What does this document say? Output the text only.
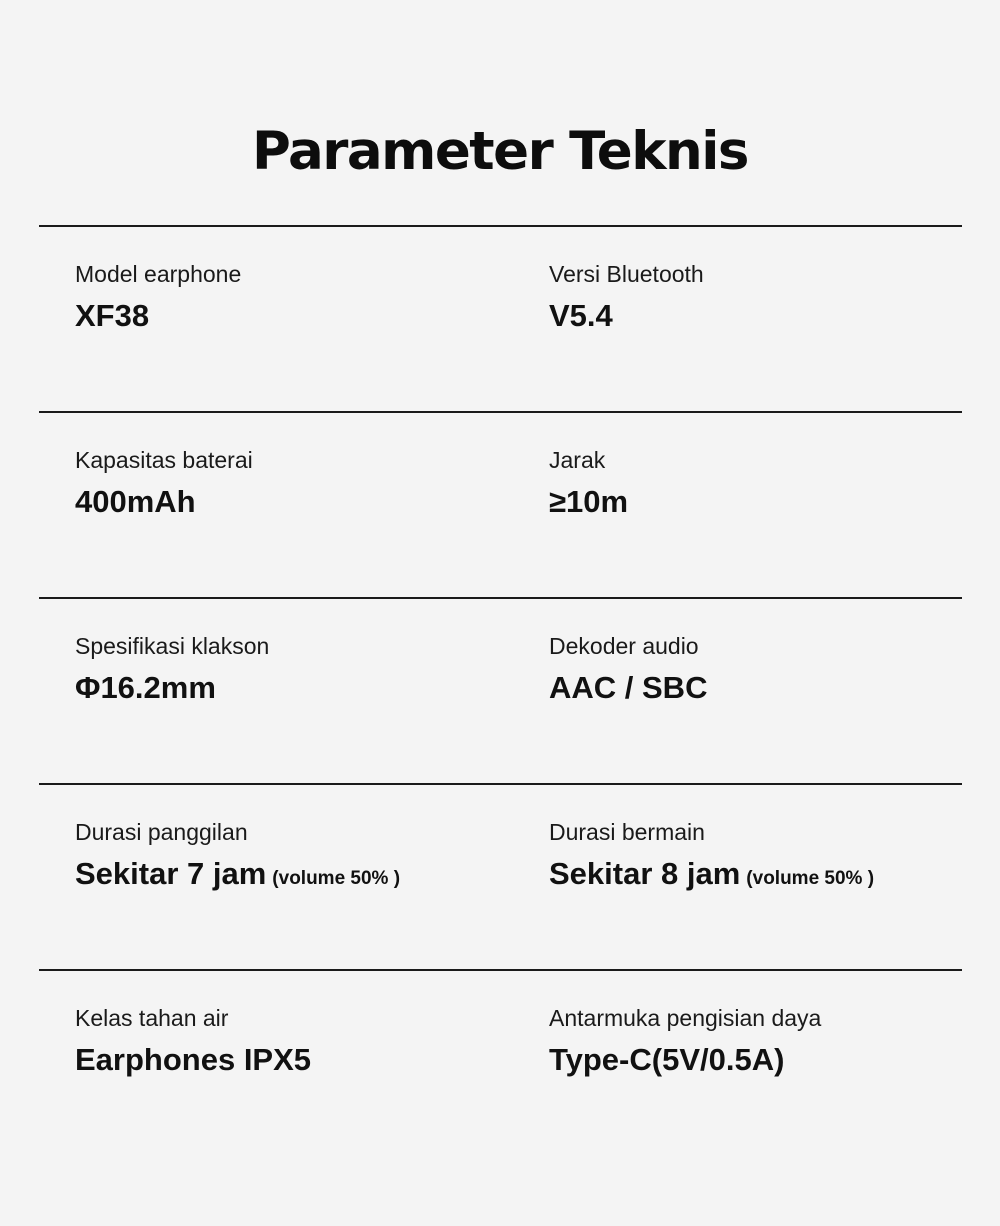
Parameter Teknis
Model earphone
XF38
Versi Bluetooth
V5.4
Kapasitas baterai
400mAh
Jarak
≥10m
Spesifikasi klakson
Φ16.2mm
Dekoder audio
AAC / SBC
Durasi panggilan
Sekitar 7 jam (volume 50% )
Durasi bermain
Sekitar 8 jam (volume 50% )
Kelas tahan air
Earphones IPX5
Antarmuka pengisian daya
Type-C(5V/0.5A)
